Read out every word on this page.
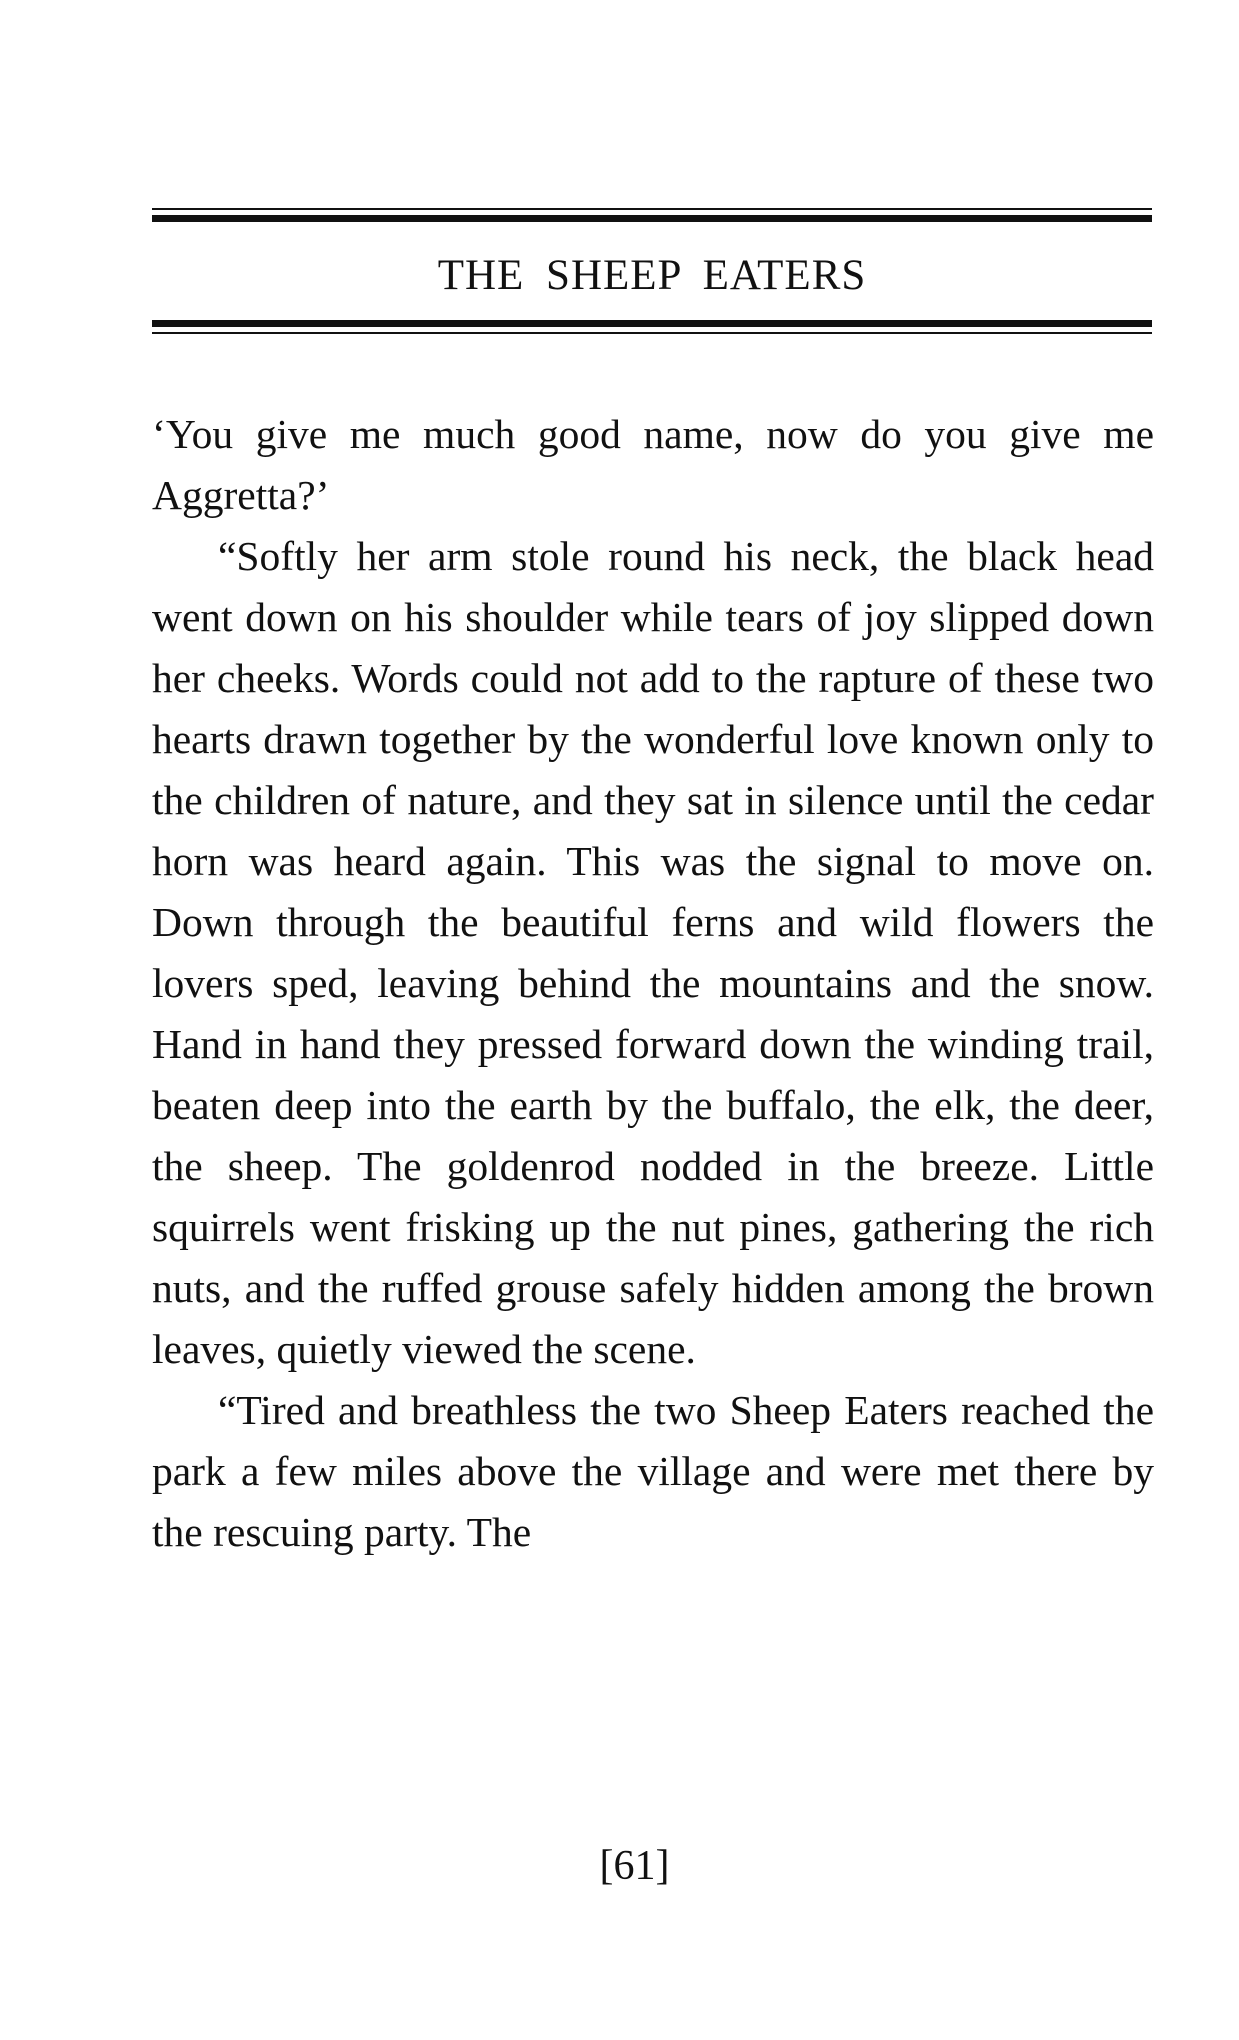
THE SHEEP EATERS

‘You give me much good name, now do you give me Aggretta?’

“Softly her arm stole round his neck, the black head went down on his shoulder while tears of joy slipped down her cheeks. Words could not add to the rapture of these two hearts drawn together by the wonderful love known only to the children of nature, and they sat in silence until the cedar horn was heard again. This was the signal to move on. Down through the beautiful ferns and wild flowers the lovers sped, leaving behind the mountains and the snow. Hand in hand they pressed forward down the winding trail, beaten deep into the earth by the buffalo, the elk, the deer, the sheep. The goldenrod nodded in the breeze. Little squirrels went frisking up the nut pines, gathering the rich nuts, and the ruffed grouse safely hidden among the brown leaves, quietly viewed the scene.

“Tired and breathless the two Sheep Eaters reached the park a few miles above the village and were met there by the rescuing party. The

[61]
